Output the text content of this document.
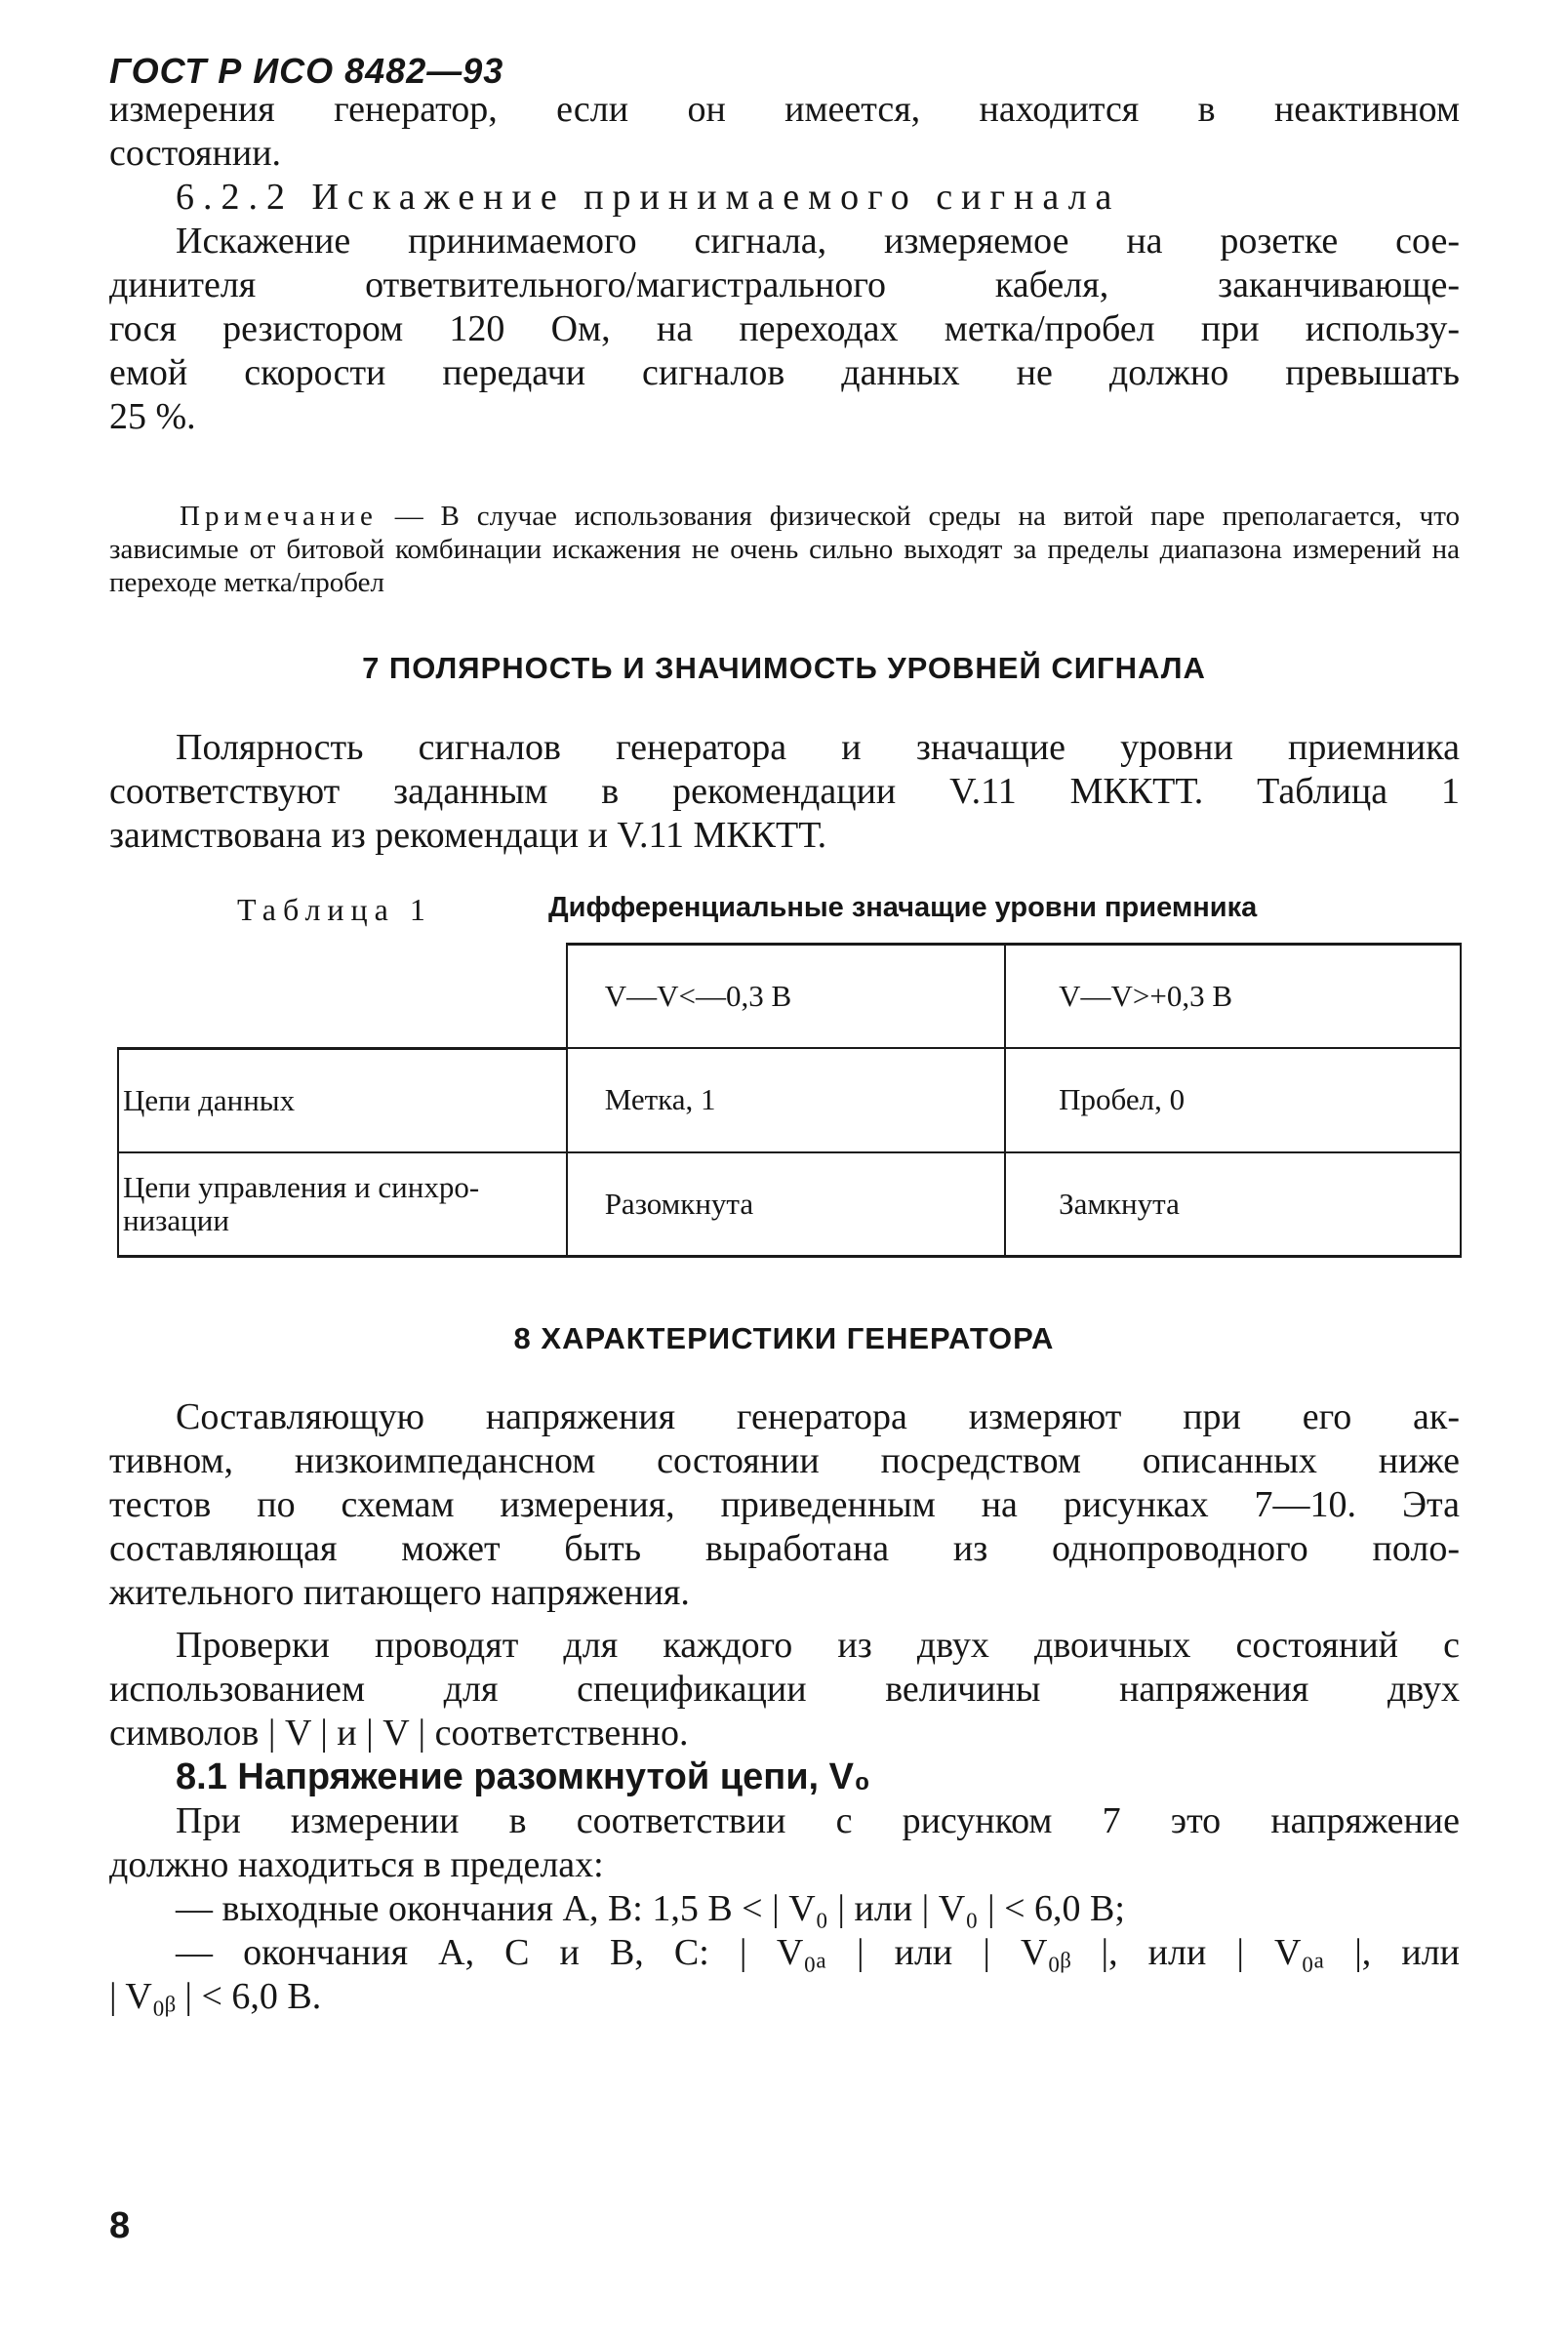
ГОСТ Р ИСО 8482—93
измерения генератор, если он имеется, находится в неактивном
состоянии.
6.2.2 Искажение принимаемого сигнала
Искажение принимаемого сигнала, измеряемое на розетке сое-
динителя ответвительного/магистрального кабеля, заканчивающе-
гося резистором 120 Ом, на переходах метка/пробел при использу-
емой скорости передачи сигналов данных не должно превышать
25 %.
Примечание — В случае использования физической среды на витой паре преполагается, что зависимые от битовой комбинации искажения не очень сильно выходят за пределы диапазона измерений на переходе метка/пробел
7 ПОЛЯРНОСТЬ И ЗНАЧИМОСТЬ УРОВНЕЙ СИГНАЛА
Полярность сигналов генератора и значащие уровни приемника
соответствуют заданным в рекомендации V.11 МККТТ. Таблица 1
заимствована из рекомендаци и V.11 МККТТ.
Таблица 1	Дифференциальные значащие уровни приемника
	V—V<—0,3 В	V—V>+0,3 В
Цепи данных	Метка, 1	Пробел, 0
Цепи управления и синхро-низации	Разомкнута	Замкнута
8 ХАРАКТЕРИСТИКИ ГЕНЕРАТОРА
Составляющую напряжения генератора измеряют при его ак-
тивном, низкоимпедансном состоянии посредством описанных ниже
тестов по схемам измерения, приведенным на рисунках 7—10. Эта
составляющая может быть выработана из однопроводного поло-
жительного питающего напряжения.
Проверки проводят для каждого из двух двоичных состояний с
использованием для спецификации величины напряжения двух
символов | V | и | V | соответственно.
8.1 Напряжение разомкнутой цепи, V₀
При измерении в соответствии с рисунком 7 это напряжение
должно находиться в пределах:
— выходные окончания A, B: 1,5 В < | V₀ | или | V₀ | < 6,0 В;
— окончания A, C и B, C: | V₀ₐ | или | V₀ᵦ |, или | V₀ₐ |, или
| V₀ᵦ | < 6,0 В.
8
